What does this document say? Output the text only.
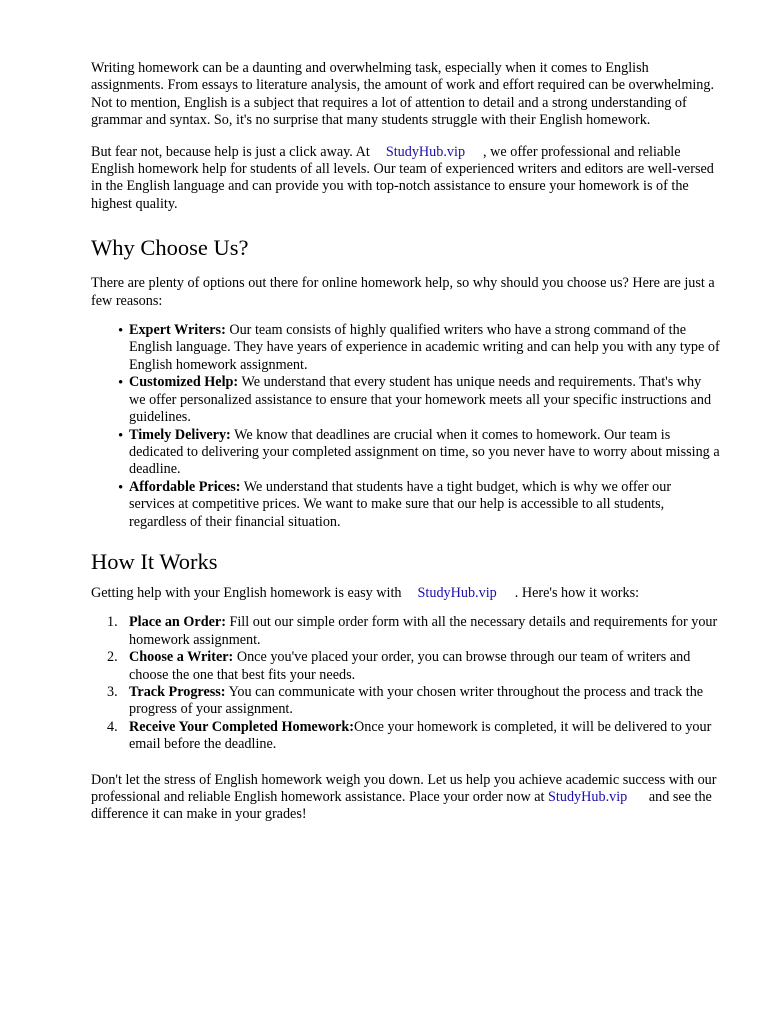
Writing homework can be a daunting and overwhelming task, especially when it comes to English assignments. From essays to literature analysis, the amount of work and effort required can be overwhelming. Not to mention, English is a subject that requires a lot of attention to detail and a strong understanding of grammar and syntax. So, it's no surprise that many students struggle with their English homework.

But fear not, because help is just a click away. At StudyHub.vip , we offer professional and reliable English homework help for students of all levels. Our team of experienced writers and editors are well-versed in the English language and can provide you with top-notch assistance to ensure your homework is of the highest quality.

Why Choose Us?

There are plenty of options out there for online homework help, so why should you choose us? Here are just a few reasons:

• Expert Writers: Our team consists of highly qualified writers who have a strong command of the English language. They have years of experience in academic writing and can help you with any type of English homework assignment.
• Customized Help: We understand that every student has unique needs and requirements. That's why we offer personalized assistance to ensure that your homework meets all your specific instructions and guidelines.
• Timely Delivery: We know that deadlines are crucial when it comes to homework. Our team is dedicated to delivering your completed assignment on time, so you never have to worry about missing a deadline.
• Affordable Prices: We understand that students have a tight budget, which is why we offer our services at competitive prices. We want to make sure that our help is accessible to all students, regardless of their financial situation.
How It Works

Getting help with your English homework is easy with StudyHub.vip . Here's how it works:

1. Place an Order: Fill out our simple order form with all the necessary details and requirements for your homework assignment.
2. Choose a Writer: Once you've placed your order, you can browse through our team of writers and choose the one that best fits your needs.
3. Track Progress: You can communicate with your chosen writer throughout the process and track the progress of your assignment.
4. Receive Your Completed Homework:Once your homework is completed, it will be delivered to your email before the deadline.

Don't let the stress of English homework weigh you down. Let us help you achieve academic success with our professional and reliable English homework assistance. Place your order now at StudyHub.vip and see the difference it can make in your grades!
